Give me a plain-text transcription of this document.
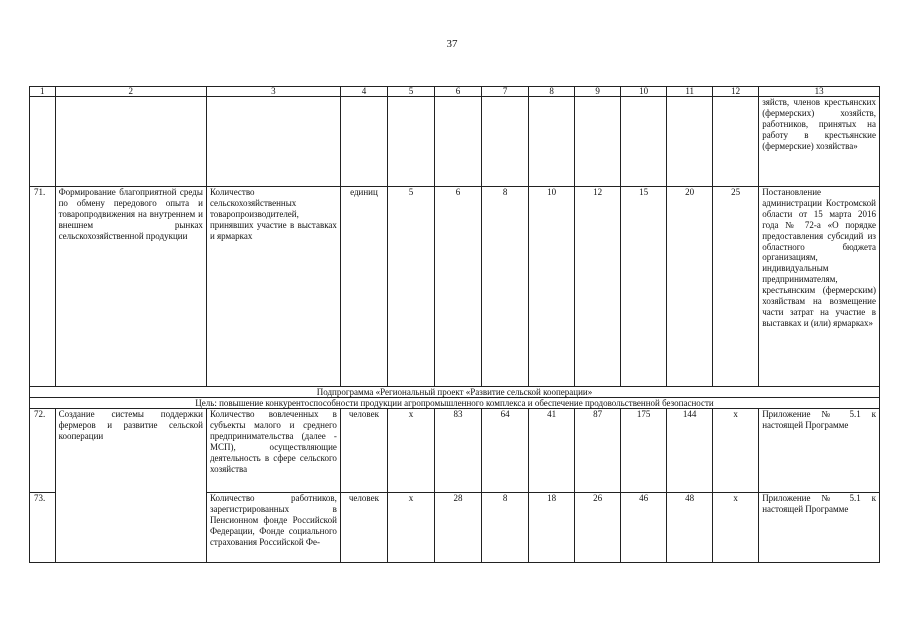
37
1	2	3	4	5	6	7	8	9	10	11	12	13
												зяйств, членов крестьянских (фермерских) хозяйств, работников, принятых на работу в крестьянские (фермерские) хозяйства»
71.	Формирование благоприятной среды по обмену передового опыта и товаропродвижения на внутреннем и внешнем рынках сельскохозяйственной продукции	Количество сельскохозяйственных товаропроизводителей, принявших участие в выставках и ярмарках	единиц	5	6	8	10	12	15	20	25	Постановление администрации Костромской области от 15 марта 2016 года № 72-а «О порядке предоставления субсидий из областного бюджета организациям, индивидуальным предпринимателям, крестьянским (фермерским) хозяйствам на возмещение части затрат на участие в выставках и (или) ярмарках»
Подпрограмма «Региональный проект «Развитие сельской кооперации»												
Цель: повышение конкурентоспособности продукции агропромышленного комплекса и обеспечение продовольственной безопасности												
72.	Создание системы поддержки фермеров и развитие сельской кооперации	Количество вовлеченных в субъекты малого и среднего предпринимательства (далее - МСП), осуществляющие деятельность в сфере сельского хозяйства	человек	x	83	64	41	87	175	144	x	Приложение № 5.1 к настоящей Программе
73.		Количество работников, зарегистрированных в Пенсионном фонде Российской Федерации, Фонде социального страхования Российской Фе-	человек	x	28	8	18	26	46	48	x	Приложение № 5.1 к настоящей Программе
